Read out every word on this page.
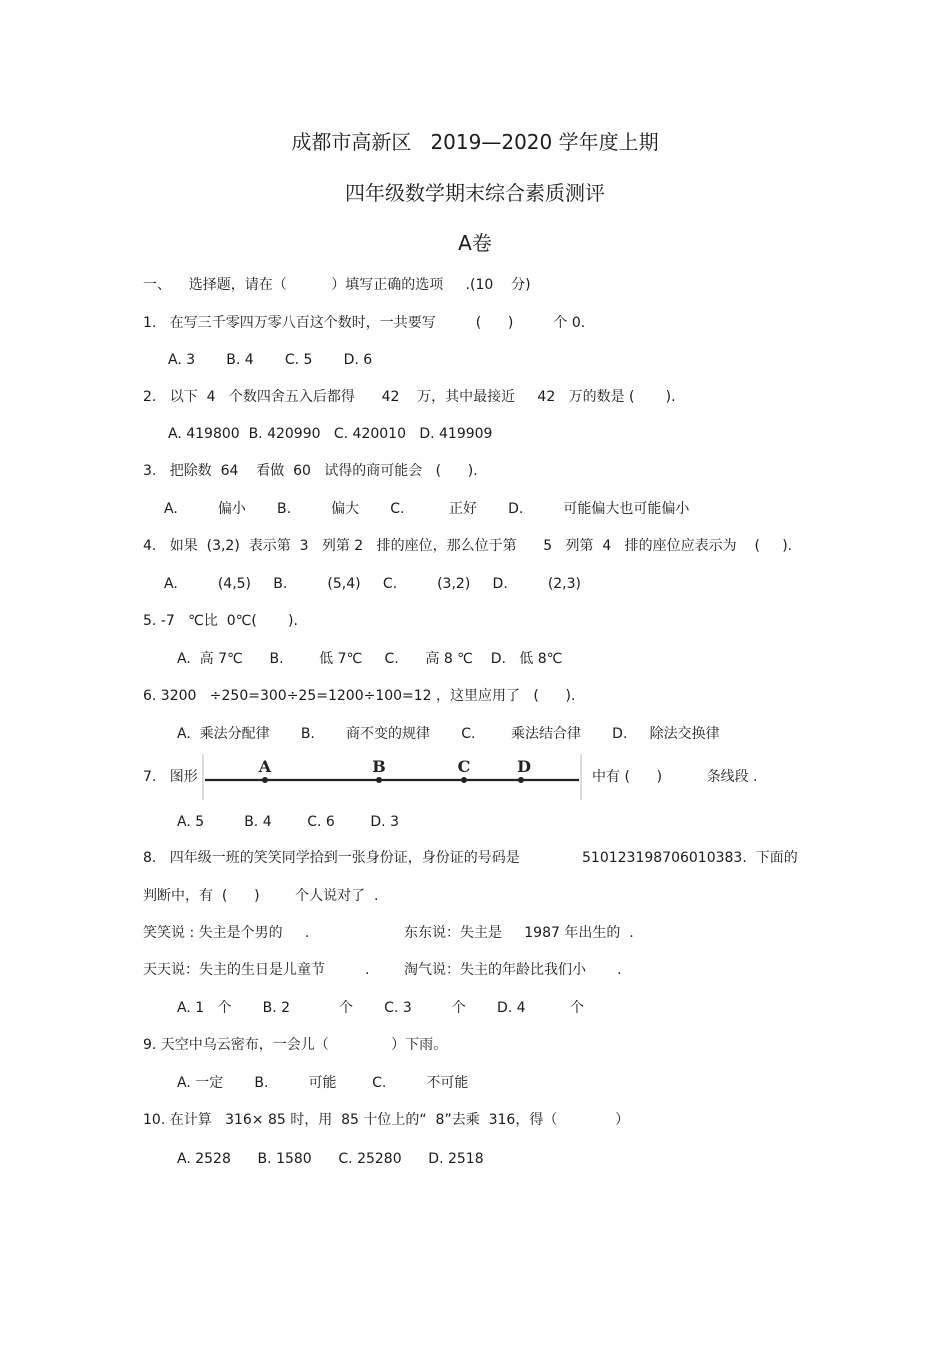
成都市高新区   2019—2020 学年度上期
四年级数学期末综合素质测评
A卷
一、    选择题，请在（          ）填写正确的选项     .(10    分)
1.   在写三千零四万零八百这个数时，一共要写         (      )         个 0.
A. 3       B. 4       C. 5       D. 6
2.   以下  4   个数四舍五入后都得      42    万，其中最接近     42   万的数是 (       ).
A. 419800  B. 420990   C. 420010   D. 419909
3.   把除数  64    看做  60   试得的商可能会   (      ).
A.         偏小       B.         偏大       C.          正好       D.         可能偏大也可能偏小
4.   如果  (3,2)  表示第  3   列第 2   排的座位，那么位于第      5   列第  4   排的座位应表示为    (     ).
A.         (4,5)     B.         (5,4)     C.         (3,2)     D.         (2,3)
5. -7   ℃比  0℃(       ).
A.  高 7℃      B.        低 7℃     C.      高 8 ℃    D.   低 8℃
6. 3200   ÷250=300÷25=1200÷100=12 ，这里应用了   (      ).
A.  乘法分配律       B.       商不变的规律       C.        乘法结合律       D.     除法交换律
7.   图形
A	B	C	D
中有 (      )          条线段 .
A. 5         B. 4        C. 6        D. 3
8.   四年级一班的笑笑同学拾到一张身份证，身份证的号码是              510123198706010383.  下面的
判断中，有  (      )        个人说对了  .
笑笑说 : 失主是个男的     .	东东说：失主是     1987 年出生的  .
天天说：失主的生日是儿童节         . 淘气说：失主的年龄比我们小       .
A. 1   个       B. 2           个       C. 3         个       D. 4          个
9. 天空中乌云密布，一会儿（              ）下雨。
A. 一定       B.         可能        C.         不可能
10. 在计算   316× 85 时，用  85 十位上的“  8”去乘  316，得（             ）
A. 2528      B. 1580      C. 25280      D. 2518
